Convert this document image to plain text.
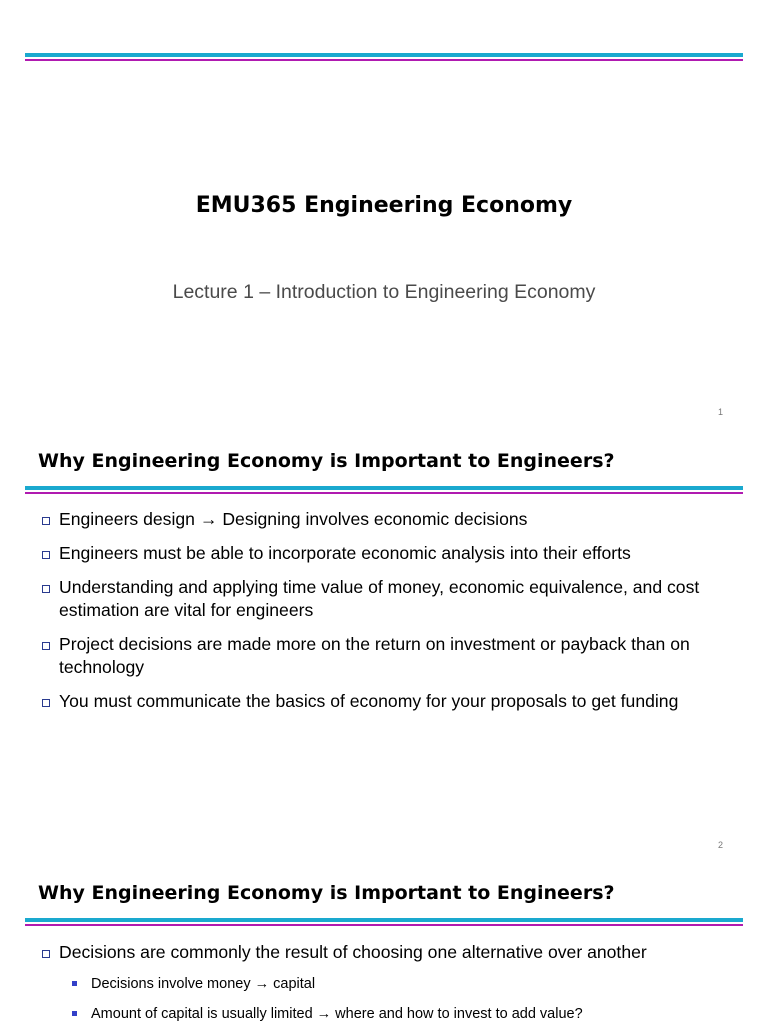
EMU365 Engineering Economy
Lecture 1 – Introduction to Engineering Economy
1
Why Engineering Economy is Important to Engineers?
Engineers design → Designing involves economic decisions
Engineers must be able to incorporate economic analysis into their efforts
Understanding and applying time value of money, economic equivalence, and cost estimation are vital for engineers
Project decisions are made more on the return on investment or payback than on technology
You must communicate the basics of economy for your proposals to get funding
2
Why Engineering Economy is Important to Engineers?
Decisions are commonly the result of choosing one alternative over another
Decisions involve money → capital
Amount of capital is usually limited → where and how to invest to add value?
